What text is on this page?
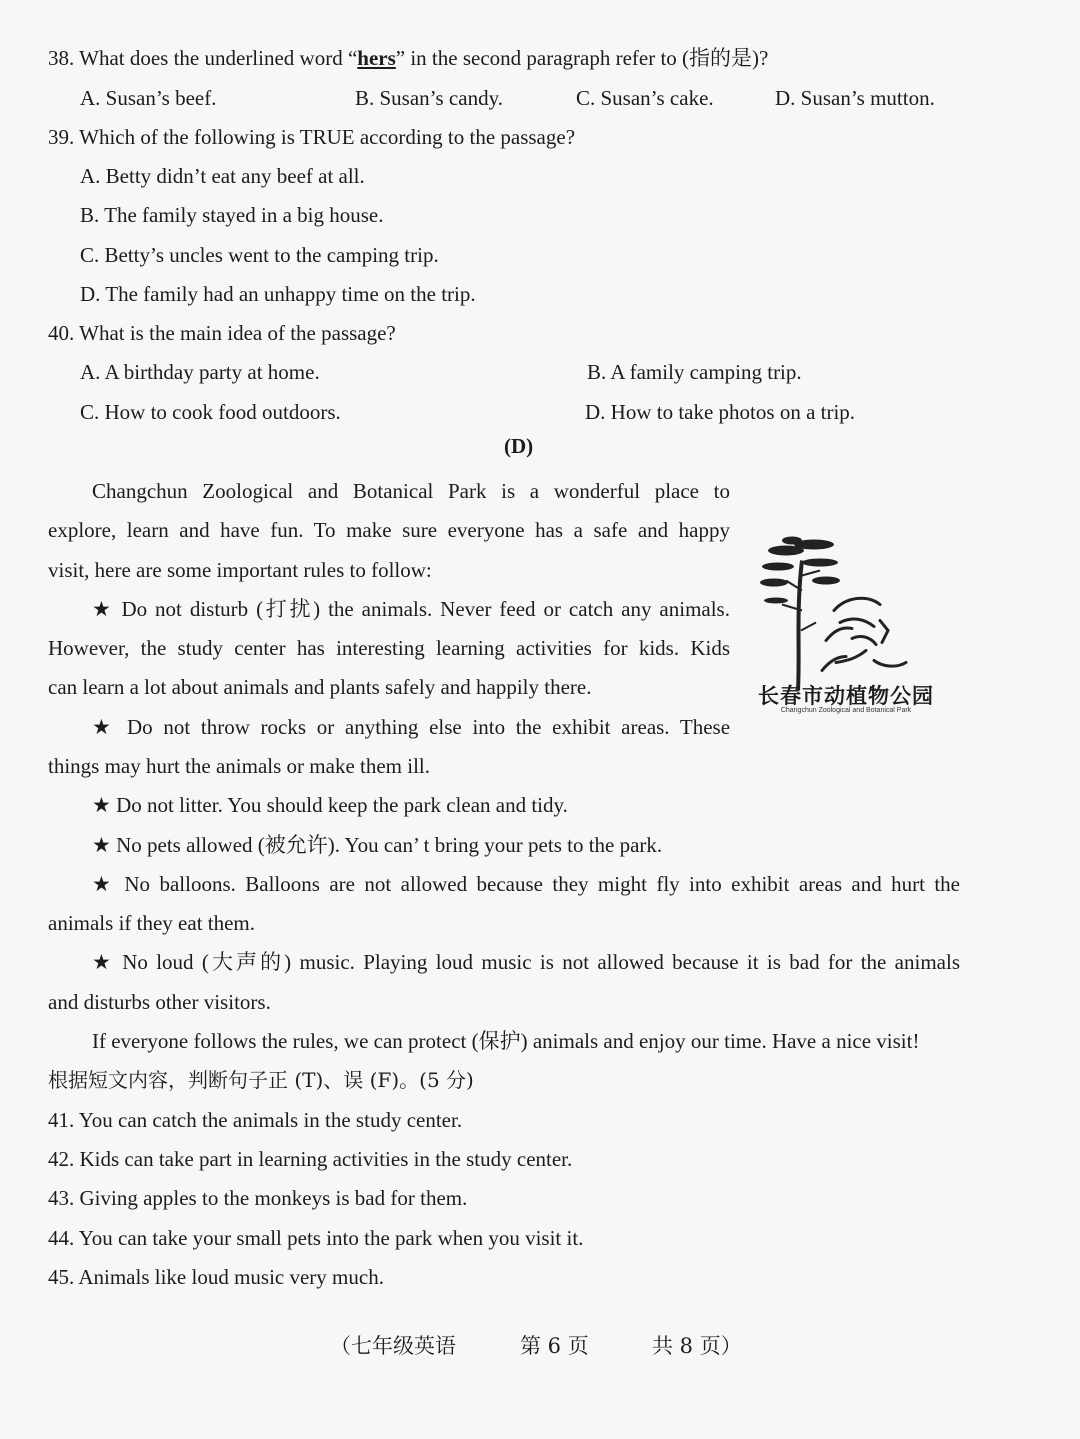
38. What does the underlined word “hers” in the second paragraph refer to (指的是)?
A. Susan’s beef.	B. Susan’s candy.	C. Susan’s cake.	D. Susan’s mutton.
39. Which of the following is TRUE according to the passage?
A. Betty didn’t eat any beef at all.
B. The family stayed in a big house.
C. Betty’s uncles went to the camping trip.
D. The family had an unhappy time on the trip.
40. What is the main idea of the passage?
A. A birthday party at home.	B. A family camping trip.
C. How to cook food outdoors.	D. How to take photos on a trip.
(D)
Changchun Zoological and Botanical Park is a wonderful place to
explore, learn and have fun. To make sure everyone has a safe and happy
visit, here are some important rules to follow:
★ Do not disturb (打扰) the animals. Never feed or catch any animals.
However, the study center has interesting learning activities for kids. Kids
can learn a lot about animals and plants safely and happily there.
★ Do not throw rocks or anything else into the exhibit areas. These
things may hurt the animals or make them ill.
★ Do not litter. You should keep the park clean and tidy.
★ No pets allowed (被允许). You can’ t bring your pets to the park.
★ No balloons. Balloons are not allowed because they might fly into exhibit areas and hurt the
animals if they eat them.
★ No loud (大声的) music. Playing loud music is not allowed because it is bad for the animals
and disturbs other visitors.
If everyone follows the rules, we can protect (保护) animals and enjoy our time. Have a nice visit!
根据短文内容，判断句子正 (T)、误 (F)。(5 分)
41. You can catch the animals in the study center.
42. Kids can take part in learning activities in the study center.
43. Giving apples to the monkeys is bad for them.
44. You can take your small pets into the park when you visit it.
45. Animals like loud music very much.
长春市动植物公园
Changchun Zoological and Botanical Park
（七年级英语	第 6 页	共 8 页）
